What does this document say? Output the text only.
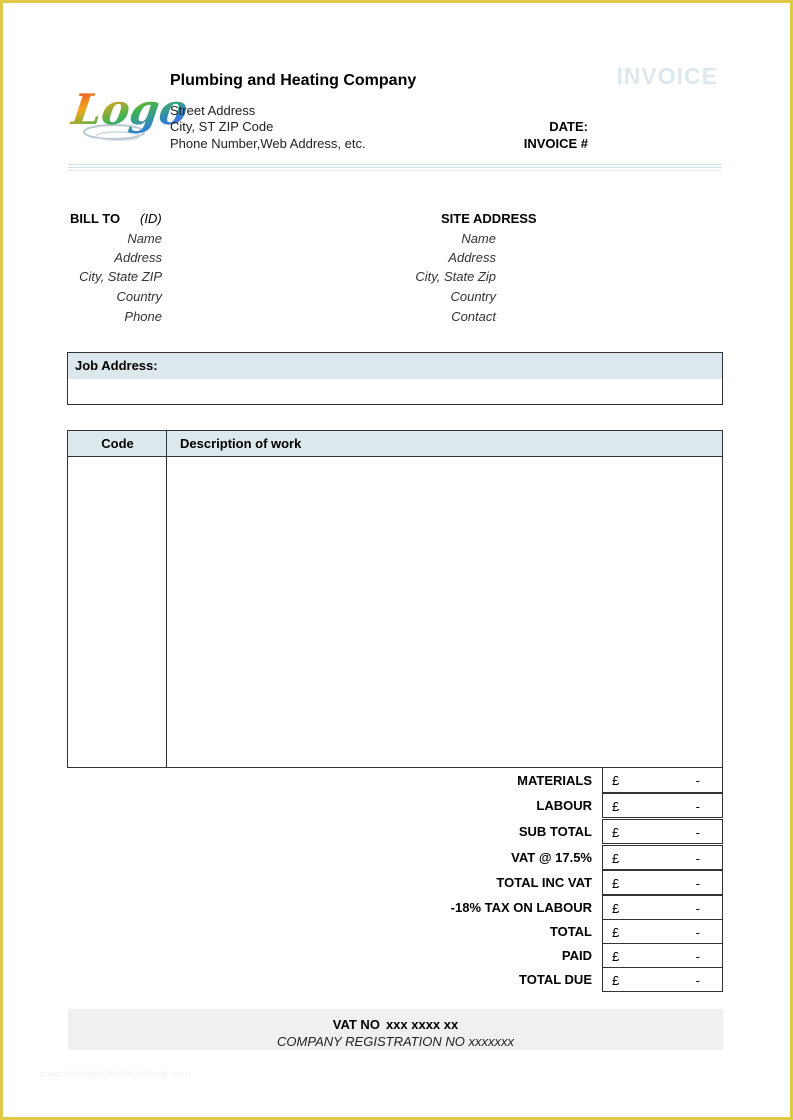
Logo
Plumbing and Heating Company
Street Address
City, ST ZIP Code
Phone Number,Web Address, etc.
INVOICE
DATE:
INVOICE #
BILL TO (ID)
Name
Address
City, State ZIP
Country
Phone
SITE ADDRESS
Name
Address
City, State Zip
Country
Contact
Job Address:
Code	Description of work
MATERIALS £	-
LABOUR £	-
SUB TOTAL £	-
VAT @ 17.5% £	-
TOTAL INC VAT £	-
-18% TAX ON LABOUR £	-
TOTAL £	-
PAID £	-
TOTAL DUE £	-
VAT NO xxx xxxx xx
COMPANY REGISTRATION NO xxxxxxx
www.heritagechristiancollege.com
